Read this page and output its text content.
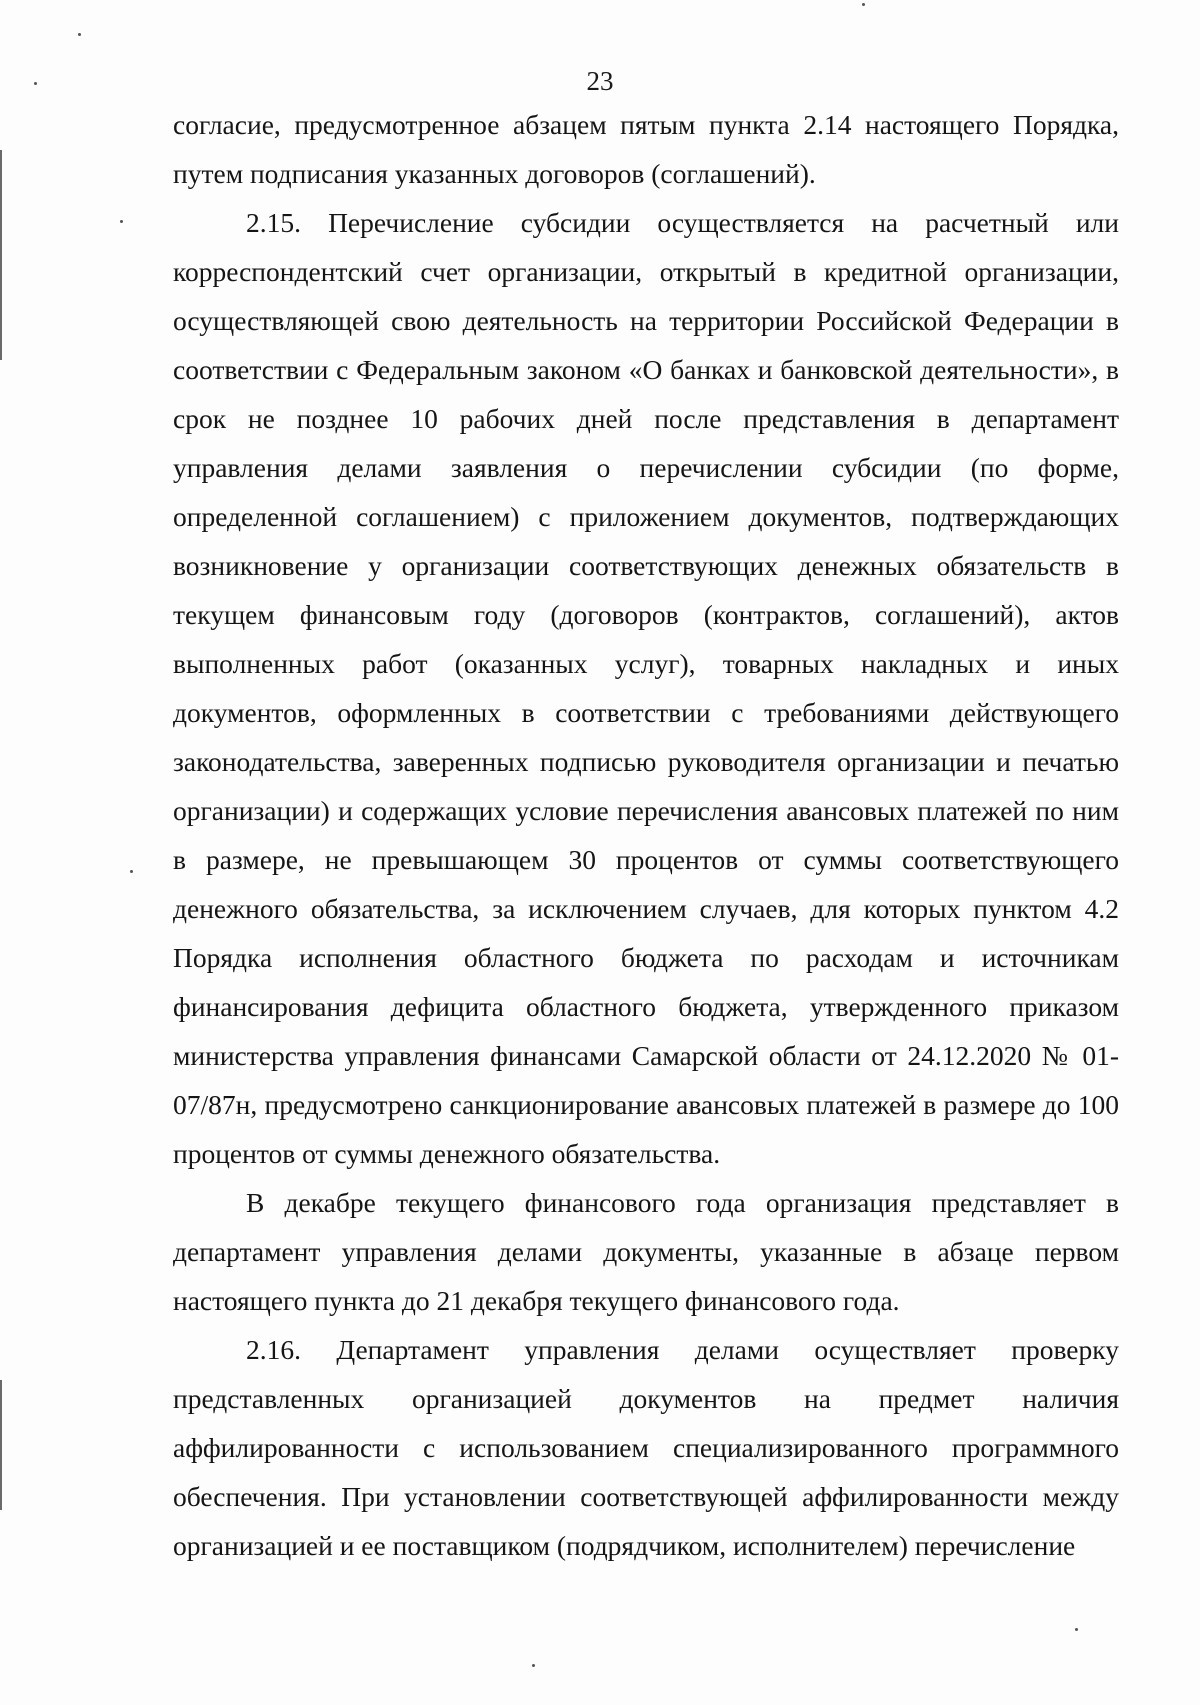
23

согласие, предусмотренное абзацем пятым пункта 2.14 настоящего Порядка, путем подписания указанных договоров (соглашений).

2.15. Перечисление субсидии осуществляется на расчетный или корреспондентский счет организации, открытый в кредитной организации, осуществляющей свою деятельность на территории Российской Федерации в соответствии с Федеральным законом «О банках и банковской деятельности», в срок не позднее 10 рабочих дней после представления в департамент управления делами заявления о перечислении субсидии (по форме, определенной соглашением) с приложением документов, подтверждающих возникновение у организации соответствующих денежных обязательств в текущем финансовым году (договоров (контрактов, соглашений), актов выполненных работ (оказанных услуг), товарных накладных и иных документов, оформленных в соответствии с требованиями действующего законодательства, заверенных подписью руководителя организации и печатью организации) и содержащих условие перечисления авансовых платежей по ним в размере, не превышающем 30 процентов от суммы соответствующего денежного обязательства, за исключением случаев, для которых пунктом 4.2 Порядка исполнения областного бюджета по расходам и источникам финансирования дефицита областного бюджета, утвержденного приказом министерства управления финансами Самарской области от 24.12.2020 № 01-07/87н, предусмотрено санкционирование авансовых платежей в размере до 100 процентов от суммы денежного обязательства.

В декабре текущего финансового года организация представляет в департамент управления делами документы, указанные в абзаце первом настоящего пункта до 21 декабря текущего финансового года.

2.16. Департамент управления делами осуществляет проверку представленных организацией документов на предмет наличия аффилированности с использованием специализированного программного обеспечения. При установлении соответствующей аффилированности между организацией и ее поставщиком (подрядчиком, исполнителем) перечисление
